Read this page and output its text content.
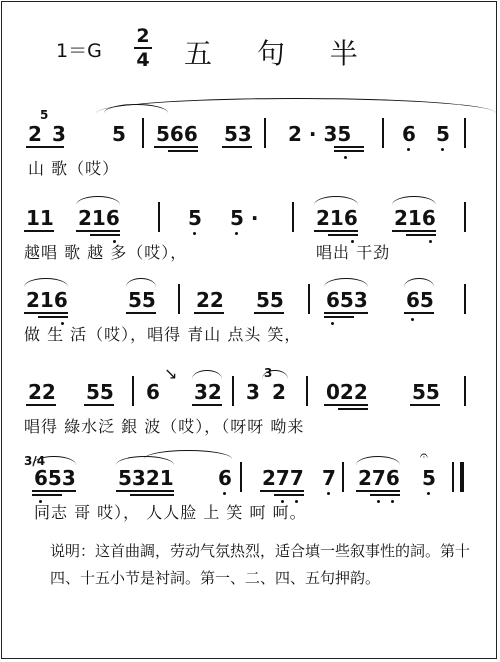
1＝G
2
4 五 句 半
5
2 3 5 566 53 2 · 35	6 5
山 歌（哎）
11 216	5 5 ·	216 216
越唱 歌 越 多（哎），	唱出 干劲
216	55 22 55 653 65
做 生 活（哎），唱得 青山 点头 笑，
22 55 6
↘
32 3
3
2 022 55
唱得 綠水泛 銀 波（哎），（呀呀 呦来
3/4
653 5321 6 277 7 276
𝄐
5
同志 哥 哎）， 人人脸 上 笑 呵 呵。
说明：这首曲調，劳动气氛热烈，适合填一些叙事性的詞。第十四、十五小节是衬詞。第一、二、四、五句押韵。
